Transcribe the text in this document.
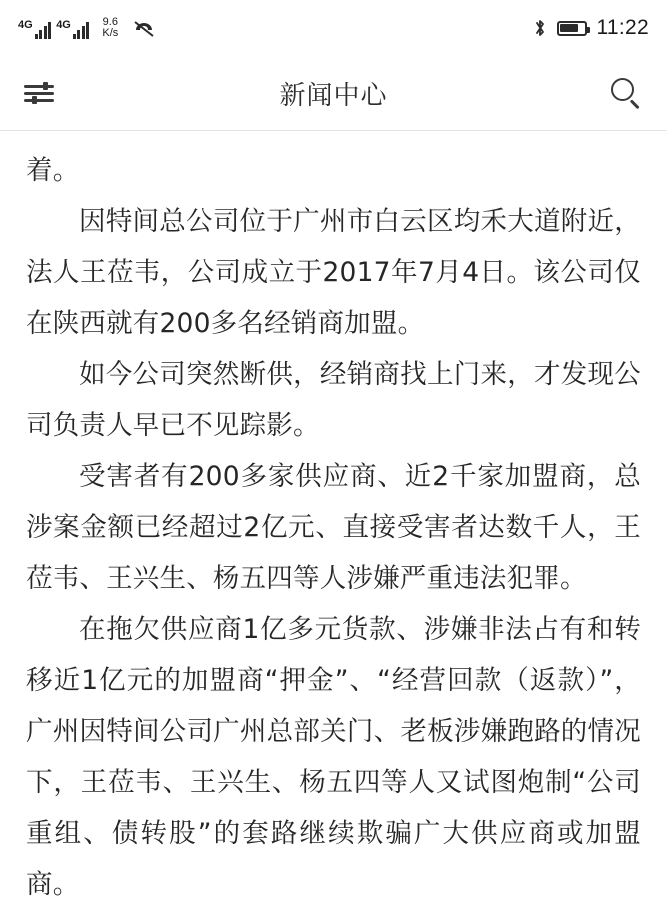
4G 4G	9.6
K/s	11:22
新闻中心

着。

因特间总公司位于广州市白云区均禾大道附近，法人王莅韦，公司成立于2017年7月4日。该公司仅在陕西就有200多名经销商加盟。

如今公司突然断供，经销商找上门来，才发现公司负责人早已不见踪影。

受害者有200多家供应商、近2千家加盟商，总涉案金额已经超过2亿元、直接受害者达数千人，王莅韦、王兴生、杨五四等人涉嫌严重违法犯罪。

在拖欠供应商1亿多元货款、涉嫌非法占有和转移近1亿元的加盟商“押金”、“经营回款（返款）”，广州因特间公司广州总部关门、老板涉嫌跑路的情况下，王莅韦、王兴生、杨五四等人又试图炮制“公司重组、债转股”的套路继续欺骗广大供应商或加盟商。
